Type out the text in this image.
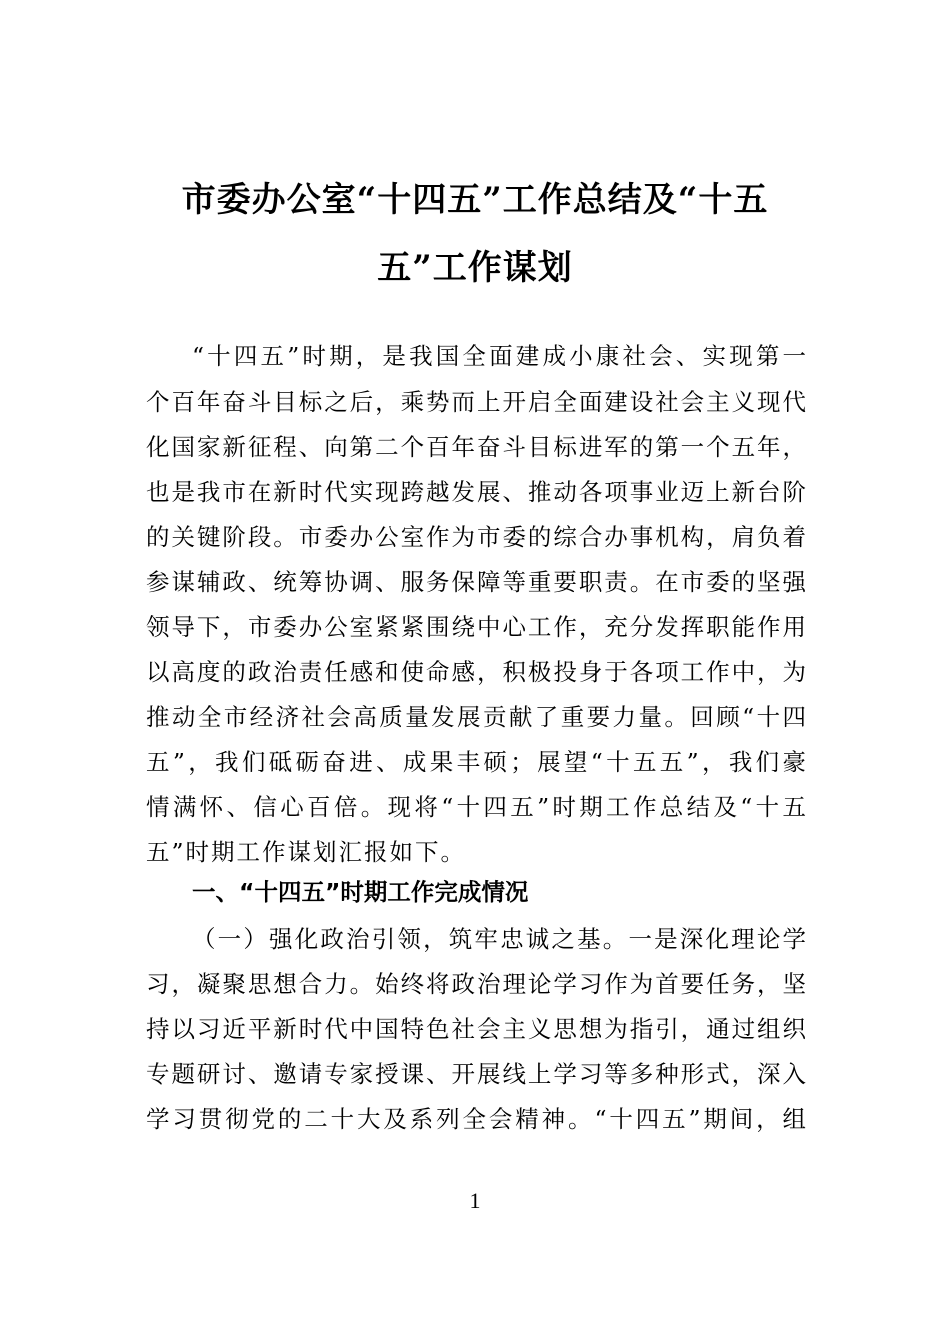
市委办公室“十四五”工作总结及“十五
五”工作谋划
“十四五”时期，是我国全面建成小康社会、实现第一
个百年奋斗目标之后，乘势而上开启全面建设社会主义现代
化国家新征程、向第二个百年奋斗目标进军的第一个五年，
也是我市在新时代实现跨越发展、推动各项事业迈上新台阶
的关键阶段。市委办公室作为市委的综合办事机构，肩负着
参谋辅政、统筹协调、服务保障等重要职责。在市委的坚强
领导下，市委办公室紧紧围绕中心工作，充分发挥职能作用
以高度的政治责任感和使命感，积极投身于各项工作中，为
推动全市经济社会高质量发展贡献了重要力量。回顾“十四
五”，我们砥砺奋进、成果丰硕；展望“十五五”，我们豪
情满怀、信心百倍。现将“十四五”时期工作总结及“十五
五”时期工作谋划汇报如下。
一、“十四五”时期工作完成情况
（一）强化政治引领，筑牢忠诚之基。一是深化理论学
习，凝聚思想合力。始终将政治理论学习作为首要任务，坚
持以习近平新时代中国特色社会主义思想为指引，通过组织
专题研讨、邀请专家授课、开展线上学习等多种形式，深入
学习贯彻党的二十大及系列全会精神。“十四五”期间，组
1
